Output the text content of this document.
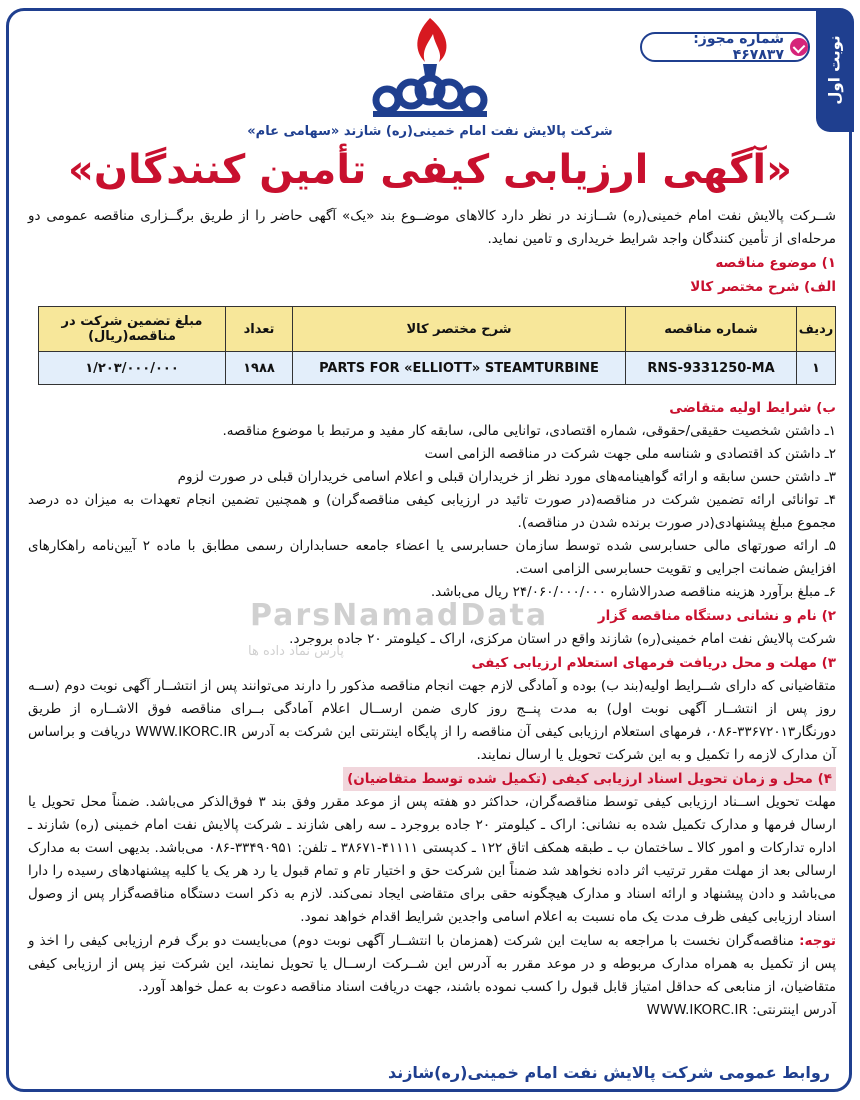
نوبت اول
شماره مجوز: ۴۶۷۸۳۷
شرکت پالایش نفت امام خمینی(ره) شازند «سهامی عام»
«آگهی ارزیابی کیفی تأمین کنندگان»

شــرکت پالایش نفت امام خمینی(ره) شــازند در نظر دارد کالاهای موضــوع بند «یک» آگهی حاضر را از طریق برگــزاری مناقصه عمومی دو مرحله‌ای از تأمین کنندگان واجد شرایط خریداری و تامین نماید.

۱) موضوع مناقصه
الف) شرح مختصر کالا
ردیف	شماره مناقصه	شرح مختصر کالا	تعداد	مبلغ تضمین شرکت در مناقصه(ریال)
۱	RNS-9331250-MA	PARTS FOR «ELLIOTT» STEAMTURBINE	۱۹۸۸	۱/۲۰۳/۰۰۰/۰۰۰
ب) شرایط اولیه متقاضی

۱ـ داشتن شخصیت حقیقی/حقوقی، شماره اقتصادی، توانایی مالی، سابقه کار مفید و مرتبط با موضوع مناقصه.

۲ـ داشتن کد اقتصادی و شناسه ملی جهت شرکت در مناقصه الزامی است

۳ـ داشتن حسن سابقه و ارائه گواهینامه‌های مورد نظر از خریداران قبلی و اعلام اسامی خریداران قبلی در صورت لزوم

۴ـ توانائی ارائه تضمین شرکت در مناقصه(در صورت تائید در ارزیابی کیفی مناقصه‌گران) و همچنین تضمین انجام تعهدات به میزان ده درصد مجموع مبلغ پیشنهادی(در صورت برنده شدن در مناقصه).

۵ـ ارائه صورتهای مالی حسابرسی شده توسط سازمان حسابرسی یا اعضاء جامعه حسابداران رسمی مطابق با ماده ۲ آیین‌نامه راهکارهای افزایش ضمانت اجرایی و تقویت حسابرسی الزامی است.

۶ـ مبلغ برآورد هزینه مناقصه صدرالاشاره ۲۴/۰۶۰/۰۰۰/۰۰۰ ریال می‌باشد.

۲) نام و نشانی دستگاه مناقصه گزار

شرکت پالایش نفت امام خمینی(ره) شازند واقع در استان مرکزی، اراک ـ کیلومتر ۲۰ جاده بروجرد.

۳) مهلت و محل دریافت فرمهای استعلام ارزیابی کیفی

متقاضیانی که دارای شــرایط اولیه(بند ب) بوده و آمادگی لازم جهت انجام مناقصه مذکور را دارند می‌توانند پس از انتشــار آگهی نوبت دوم (ســه روز پس از انتشــار آگهی نوبت اول) به مدت پنــج روز کاری ضمن ارســال اعلام آمادگی بــرای مناقصه فوق الاشــاره از طریق دورنگار۳۳۶۷۲۰۱۳-۰۸۶، فرمهای استعلام ارزیابی کیفی آن مناقصه را از پایگاه اینترنتی این شرکت به آدرس WWW.IKORC.IR دریافت و براساس آن مدارک لازمه را تکمیل و به این شرکت تحویل یا ارسال نمایند.

۴) محل و زمان تحویل اسناد ارزیابی کیفی (تکمیل شده توسط متقاضیان)

مهلت تحویل اســناد ارزیابی کیفی توسط مناقصه‌گران، حداکثر دو هفته پس از موعد مقرر وفق بند ۳ فوق‌الذکر می‌باشد. ضمناً محل تحویل یا ارسال فرمها و مدارک تکمیل شده به نشانی: اراک ـ کیلومتر ۲۰ جاده بروجرد ـ سه راهی شازند ـ شرکت پالایش نفت امام خمینی (ره) شازند ـ اداره تدارکات و امور کالا ـ ساختمان ب ـ طبقه همکف اتاق ۱۲۲ ـ کدپستی ۴۱۱۱۱-۳۸۶۷۱ ـ تلفن: ۳۳۴۹۰۹۵۱-۰۸۶ می‌باشد. بدیهی است به مدارک ارسالی بعد از مهلت مقرر ترتیب اثر داده نخواهد شد ضمناً این شرکت حق و اختیار تام و تمام قبول یا رد هر یک یا کلیه پیشنهادهای رسیده را دارا می‌باشد و دادن پیشنهاد و ارائه اسناد و مدارک هیچگونه حقی برای متقاضی ایجاد نمی‌کند. لازم به ذکر است دستگاه مناقصه‌گزار پس از وصول اسناد ارزیابی کیفی ظرف مدت یک ماه نسبت به اعلام اسامی واجدین شرایط اقدام خواهد نمود.

توجه: مناقصه‌گران نخست با مراجعه به سایت این شرکت (همزمان با انتشــار آگهی نوبت دوم) می‌بایست دو برگ فرم ارزیابی کیفی را اخذ و پس از تکمیل به همراه مدارک مربوطه و در موعد مقرر به آدرس این شــرکت ارســال یا تحویل نمایند، این شرکت نیز پس از ارزیابی کیفی متقاضیان، از منابعی که حداقل امتیاز قابل قبول را کسب نموده باشند، جهت دریافت اسناد مناقصه دعوت به عمل خواهد آورد.

آدرس اینترنتی: WWW.IKORC.IR

ParsNamadData
پارس نماد داده ها
روابط عمومی شرکت پالایش نفت امام خمینی(ره)شازند
